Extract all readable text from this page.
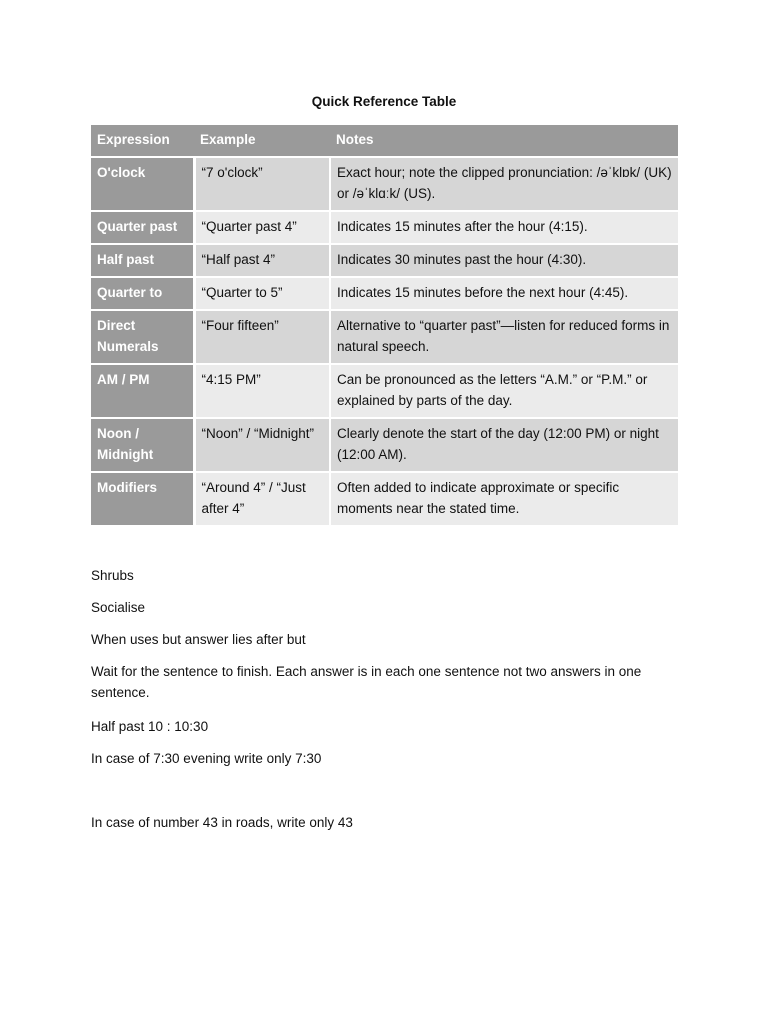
Quick Reference Table
Expression	Example	Notes
O'clock	“7 o'clock”	Exact hour; note the clipped pronunciation: /əˈklɒk/ (UK) or /əˈklɑːk/ (US).
Quarter past	“Quarter past 4”	Indicates 15 minutes after the hour (4:15).
Half past	“Half past 4”	Indicates 30 minutes past the hour (4:30).
Quarter to	“Quarter to 5”	Indicates 15 minutes before the next hour (4:45).
Direct Numerals	“Four fifteen”	Alternative to “quarter past”—listen for reduced forms in natural speech.
AM / PM	“4:15 PM”	Can be pronounced as the letters “A.M.” or “P.M.” or explained by parts of the day.
Noon / Midnight	“Noon” / “Midnight”	Clearly denote the start of the day (12:00 PM) or night (12:00 AM).
Modifiers	“Around 4” / “Just after 4”	Often added to indicate approximate or specific moments near the stated time.

Shrubs

Socialise

When uses but answer lies after but

Wait for the sentence to finish. Each answer is in each one sentence not two answers in one sentence.

Half past 10 : 10:30

In case of 7:30 evening write only 7:30

In case of number 43 in roads, write only 43
